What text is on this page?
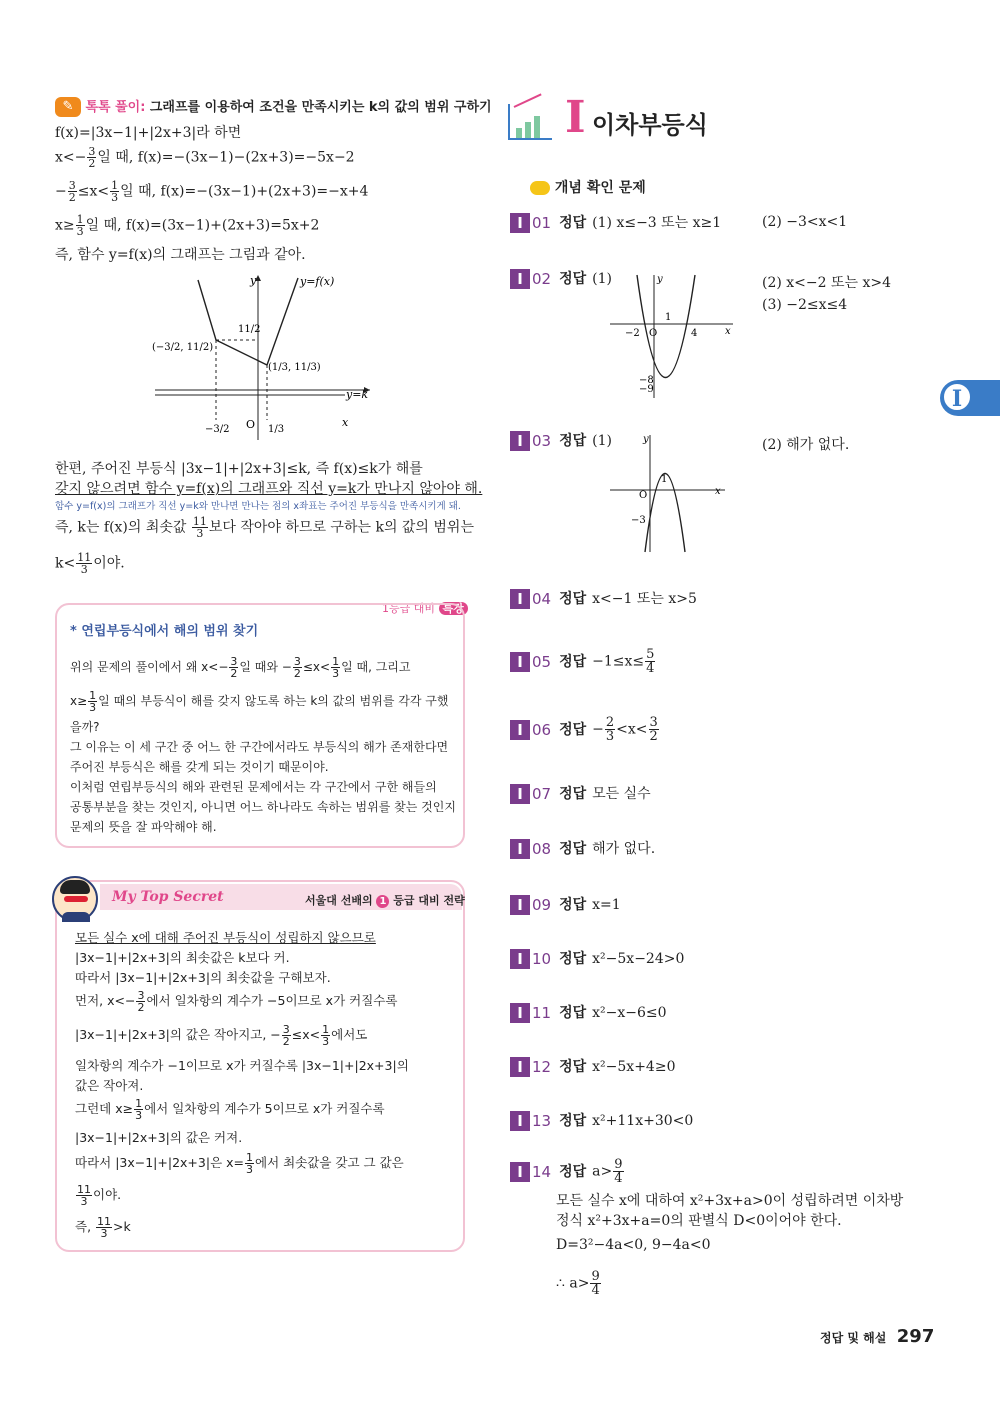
✎ 톡톡 풀이: 그래프를 이용하여 조건을 만족시키는 k의 값의 범위 구하기
f(x)=|3x−1|+|2x+3|라 하면
$x<- \frac{3}{2}$ 일 때, f(x)=−(3x−1)−(2x+3)=−5x−2
− $\frac{3}{2} \le x< \frac{1}{3}$ 일 때, f(x)=−(3x−1)+(2x+3)=−x+4
$x\ge \frac{1}{3}$ 일 때, f(x)=(3x−1)+(2x+3)=5x+2
즉, 함수 y=f(x)의 그래프는 그림과 같아.
y	y=f(x)
y=k
x
O
(−3/2, 11/2)
(1/3, 11/3)
11/2
−3/2	1/3
한편, 주어진 부등식 |3x−1|+|2x+3|≤k, 즉 f(x)≤k가 해를
갖지 않으려면 함수 y=f(x)의 그래프와 직선 y=k가 만나지 않아야 해.
함수 y=f(x)의 그래프가 직선 y=k와 만나면 만나는 점의 x좌표는 주어진 부등식을 만족시키게 돼.
즉, k는 f(x)의 최솟값 $\frac{11}{3}$ 보다 작아야 하므로 구하는 k의 값의 범위는
$k< \frac{11}{3}$ 이야.
1등급 대비 특강
* 연립부등식에서 해의 범위 찾기
위의 문제의 풀이에서 왜 $x<- \frac{3}{2}$ 일 때와 − $\frac{3}{2} \le x< \frac{1}{3}$ 일 때, 그리고
$x\ge \frac{1}{3}$ 일 때의 부등식이 해를 갖지 않도록 하는 k의 값의 범위를 각각 구했
을까?
그 이유는 이 세 구간 중 어느 한 구간에서라도 부등식의 해가 존재한다면
주어진 부등식은 해를 갖게 되는 것이기 때문이야.
이처럼 연립부등식의 해와 관련된 문제에서는 각 구간에서 구한 해들의
공통부분을 찾는 것인지, 아니면 어느 하나라도 속하는 범위를 찾는 것인지
문제의 뜻을 잘 파악해야 해.
My Top Secret	서울대 선배의 1 등급 대비 전략
모든 실수 x에 대해 주어진 부등식이 성립하지 않으므로
|3x−1|+|2x+3|의 최솟값은 k보다 커.
따라서 |3x−1|+|2x+3|의 최솟값을 구해보자.
먼저, $x<- \frac{3}{2}$ 에서 일차항의 계수가 −5이므로 x가 커질수록
|3x−1|+|2x+3|의 값은 작아지고, − $\frac{3}{2} \le x< \frac{1}{3}$ 에서도
일차항의 계수가 −1이므로 x가 커질수록 |3x−1|+|2x+3|의
값은 작아져.
그런데 $x\ge \frac{1}{3}$ 에서 일차항의 계수가 5이므로 x가 커질수록
|3x−1|+|2x+3|의 값은 커져.
따라서 |3x−1|+|2x+3|은 $x= \frac{1}{3}$ 에서 최솟값을 갖고 그 값은
$\frac{11}{3}$ 이야.
즉, $\frac{11}{3} >k$
I 이차부등식
개념 확인 문제
I 01 정답 (1) x≤−3 또는 x≥1	(2) −3<x<1
I 02 정답 (1)	y
x
O
−2	4
1
−8
−9
(2) x<−2 또는 x>4
(3) −2≤x≤4
I 03 정답 (1)	y
x
O
1
−3
(2) 해가 없다.
I 04 정답 x<−1 또는 x>5
I 05 정답 $-1\le x\le \frac{5}{4}$
I 06 정답 − $\frac{2}{3} <x< \frac{3}{2}$
I 07 정답 모든 실수
I 08 정답 해가 없다.
I 09 정답 x=1
I 10 정답 x²−5x−24>0
I 11 정답 x²−x−6≤0
I 12 정답 x²−5x+4≥0
I 13 정답 x²+11x+30<0
I 14 정답 $a> \frac{9}{4}$
모든 실수 x에 대하여 x²+3x+a>0이 성립하려면 이차방
정식 x²+3x+a=0의 판별식 D<0이어야 한다.
D=3²−4a<0, 9−4a<0
∴ $a> \frac{9}{4}$
I
정답 및 해설 297
